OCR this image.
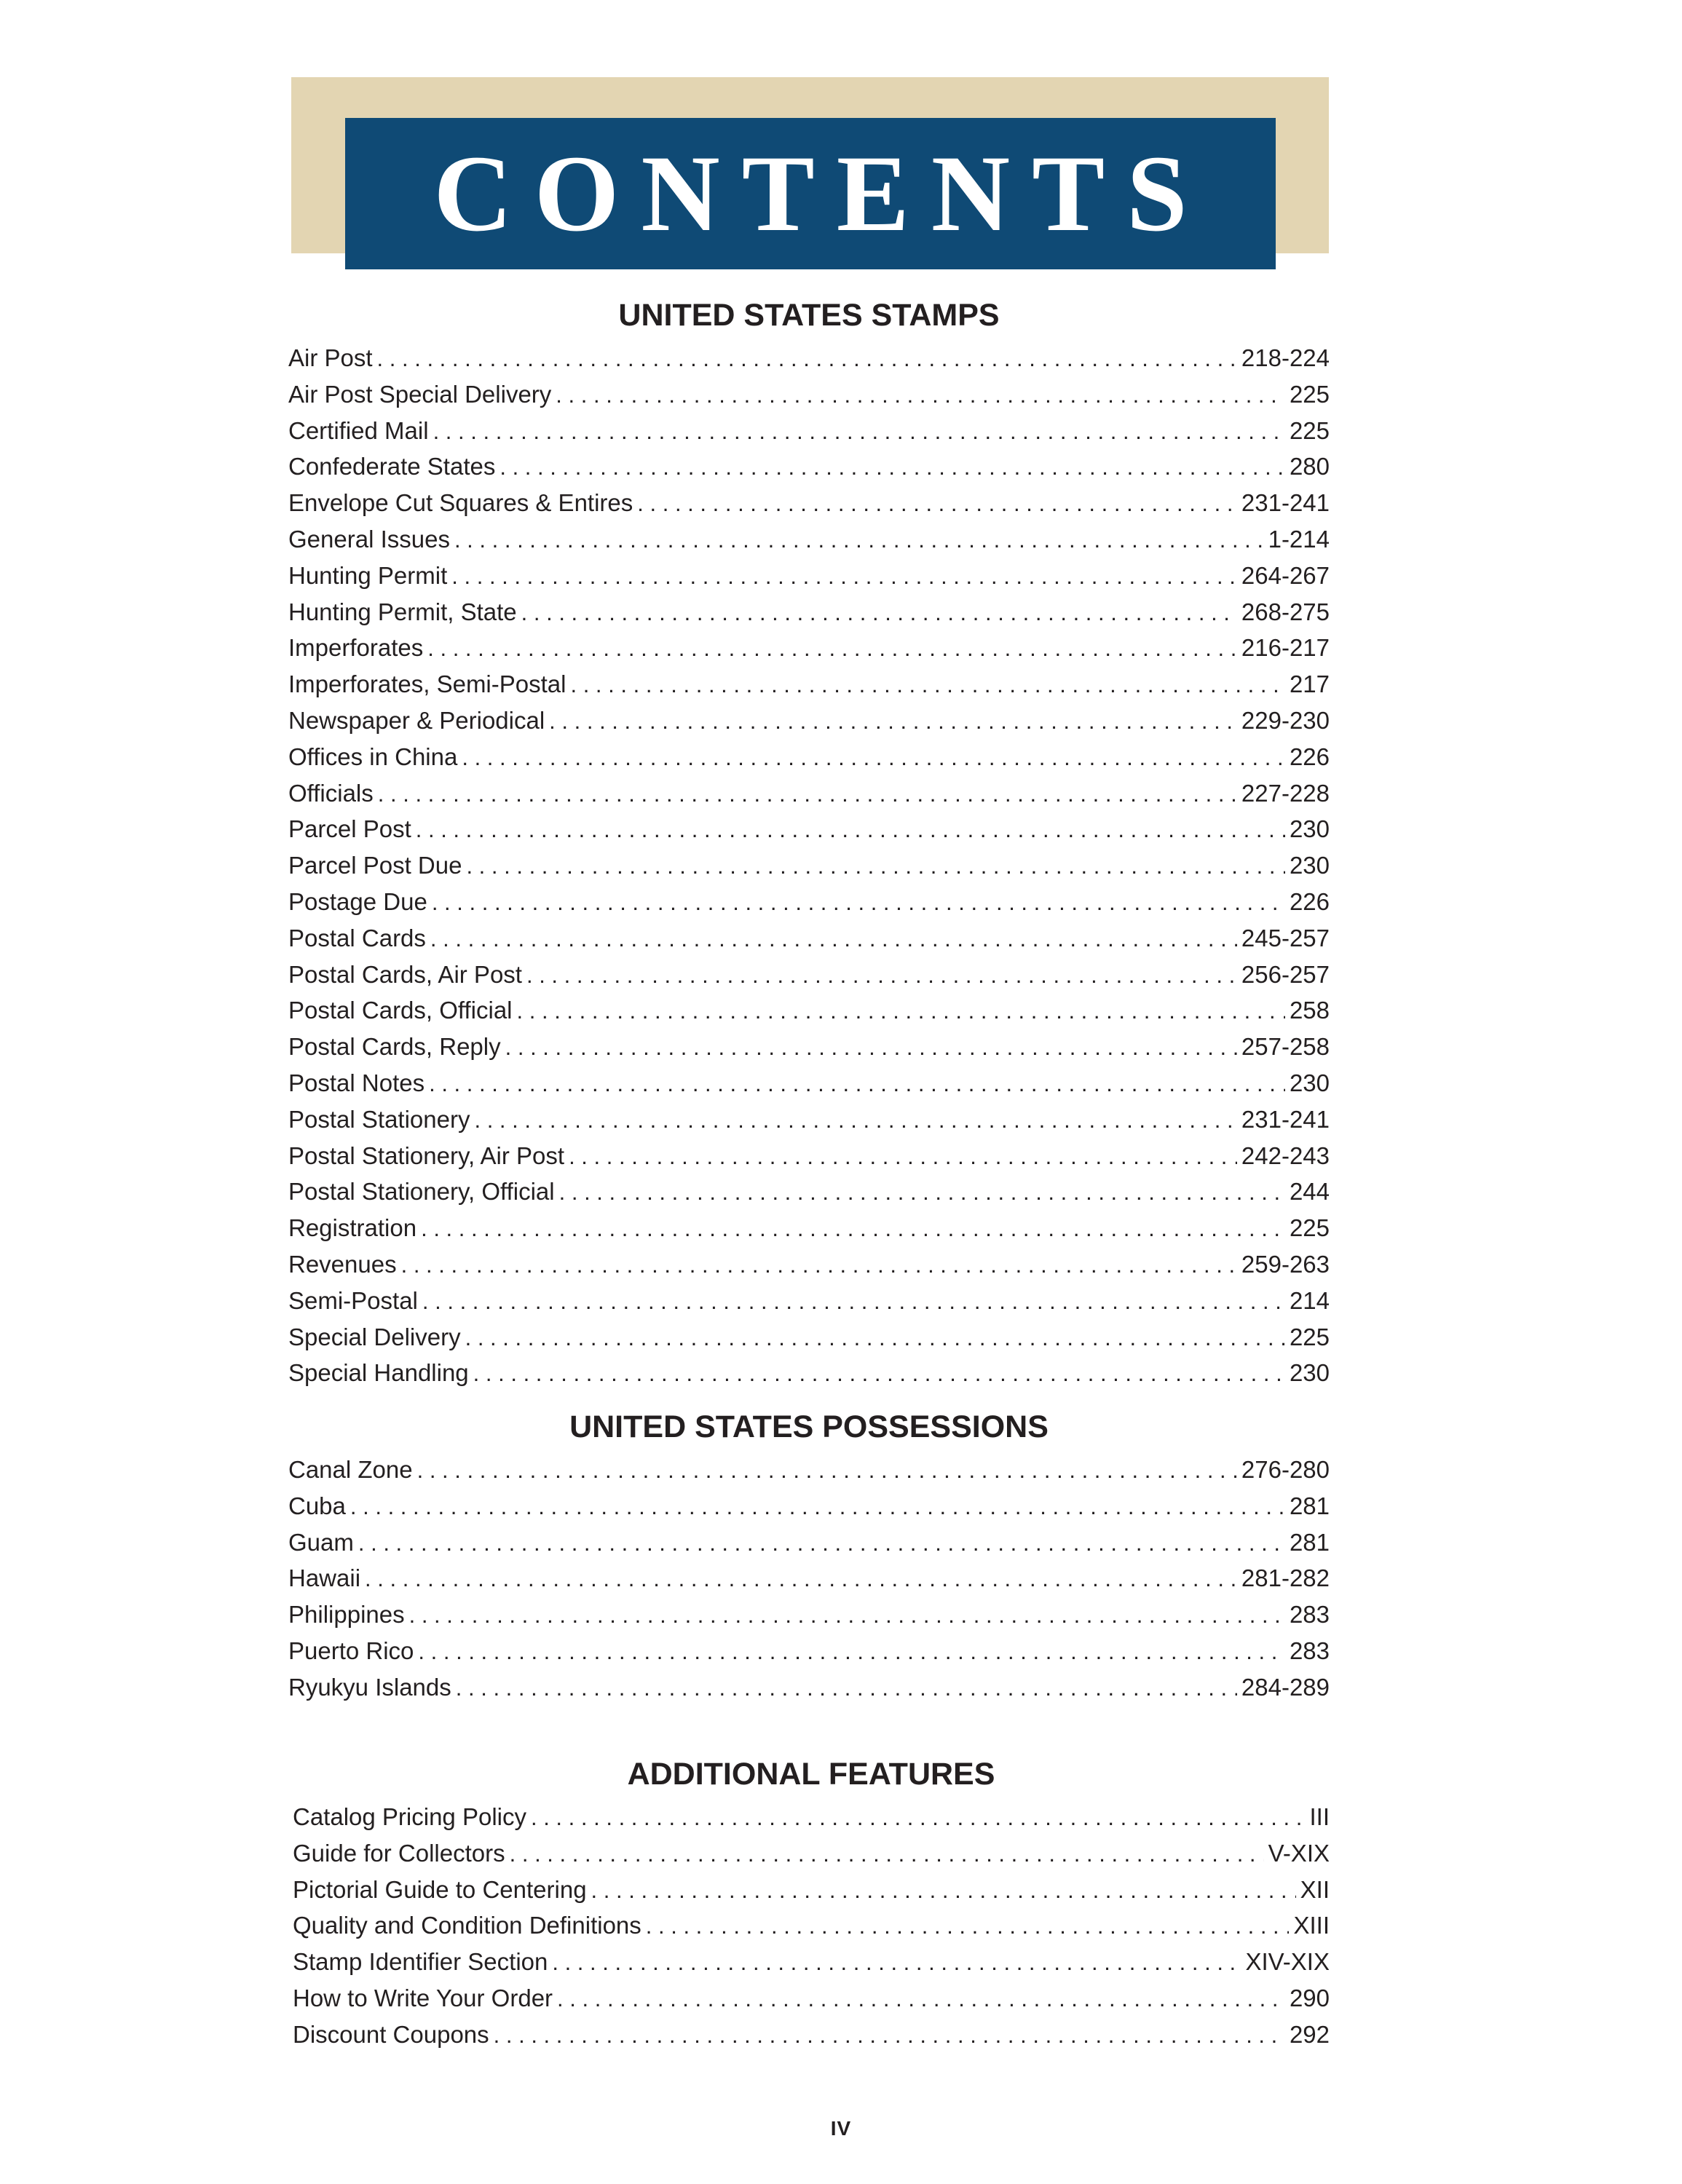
CONTENTS
UNITED STATES STAMPS
Air Post . . .	218-224
Air Post Special Delivery . . .	225
Certified Mail . . .	225
Confederate States . . .	280
Envelope Cut Squares & Entires . . .	231-241
General Issues . . .	1-214
Hunting Permit . . .	264-267
Hunting Permit, State . . .	268-275
Imperforates . . .	216-217
Imperforates, Semi-Postal . . .	217
Newspaper & Periodical . . .	229-230
Offices in China . . .	226
Officials . . .	227-228
Parcel Post . . .	230
Parcel Post Due . . .	230
Postage Due . . .	226
Postal Cards . . .	245-257
Postal Cards, Air Post . . .	256-257
Postal Cards, Official . . .	258
Postal Cards, Reply . . .	257-258
Postal Notes . . .	230
Postal Stationery . . .	231-241
Postal Stationery, Air Post . . .	242-243
Postal Stationery, Official . . .	244
Registration . . .	225
Revenues . . .	259-263
Semi-Postal . . .	214
Special Delivery . . .	225
Special Handling . . .	230
UNITED STATES POSSESSIONS
Canal Zone . . .	276-280
Cuba . . .	281
Guam . . .	281
Hawaii . . .	281-282
Philippines . . .	283
Puerto Rico . . .	283
Ryukyu Islands . . .	284-289
ADDITIONAL FEATURES
Catalog Pricing Policy . . .	III
Guide for Collectors . . .	V-XIX
Pictorial Guide to Centering . . .	XII
Quality and Condition Definitions . . .	XIII
Stamp Identifier Section . . .	XIV-XIX
How to Write Your Order . . .	290
Discount Coupons . . .	292
IV
